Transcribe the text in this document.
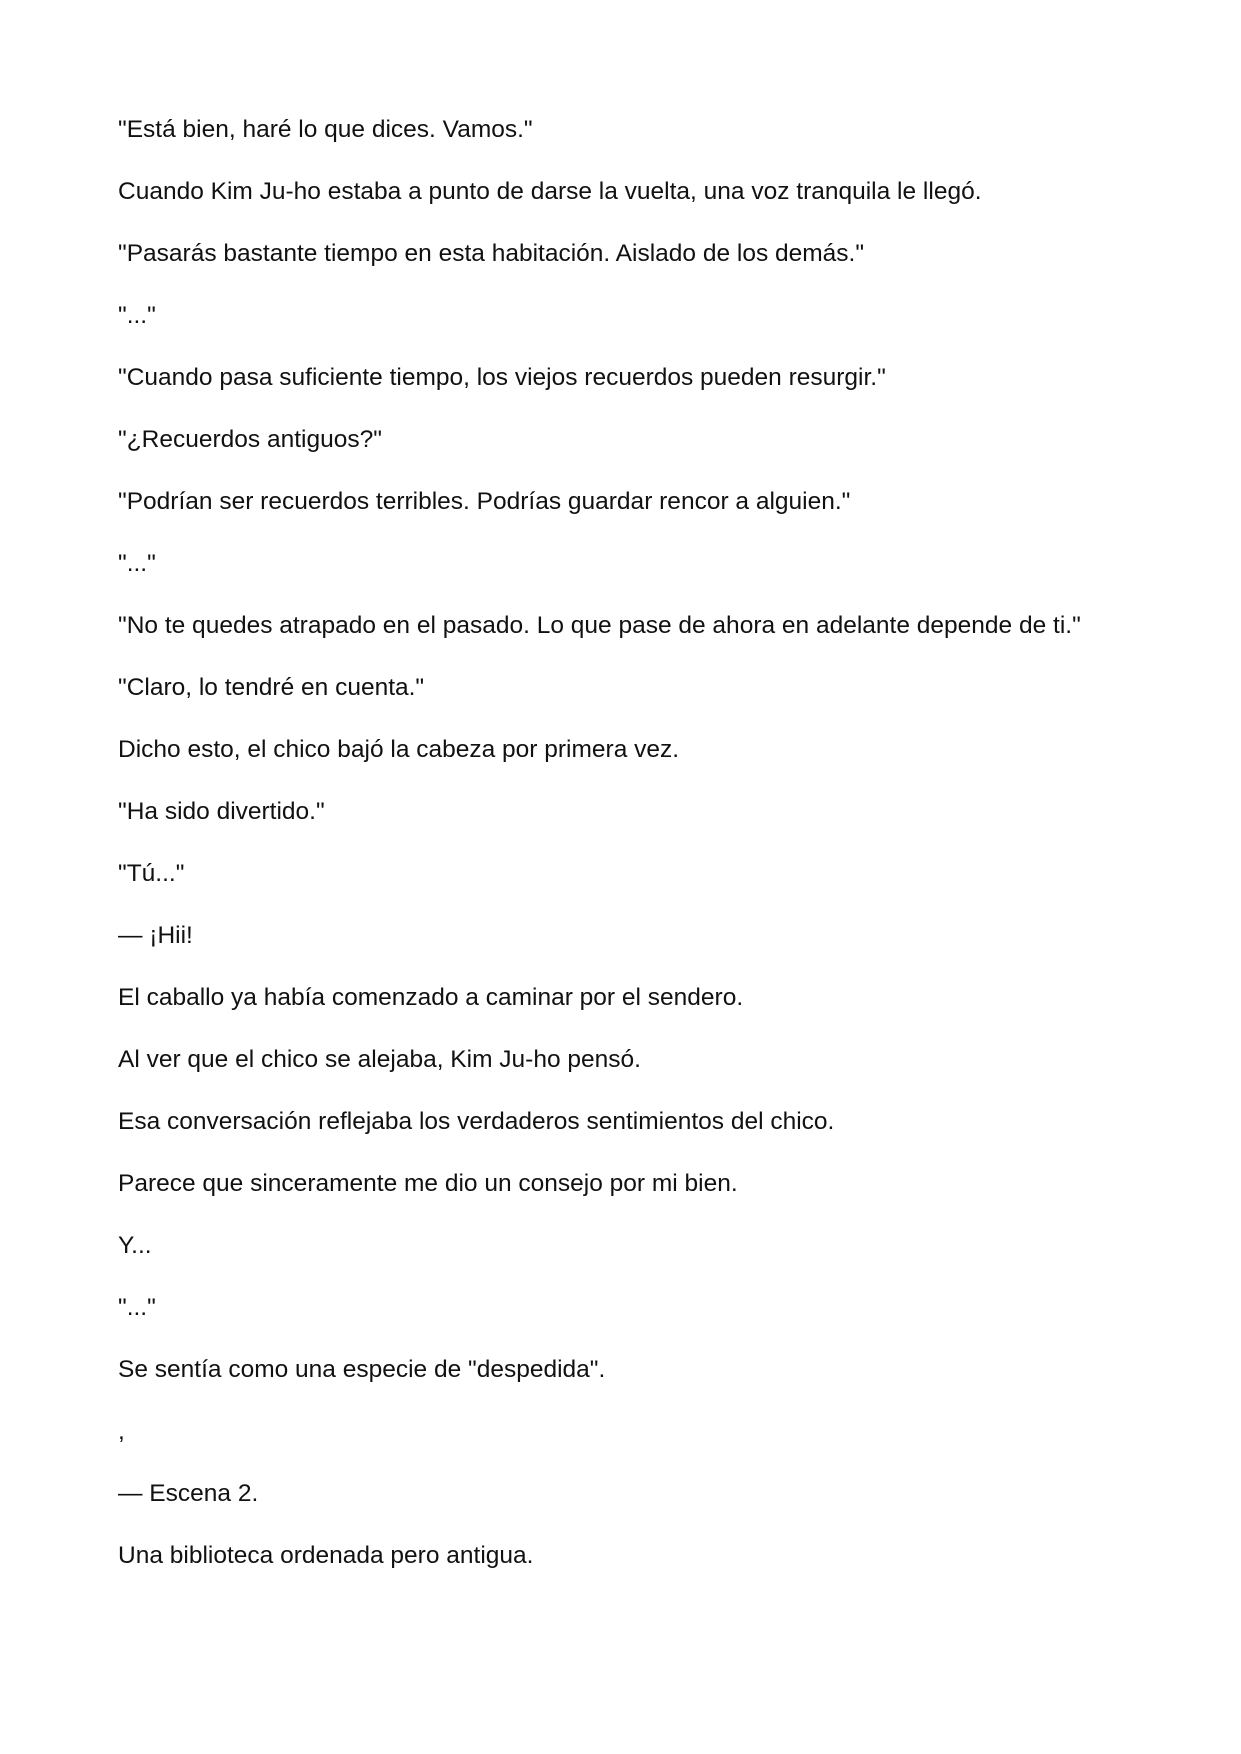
"Está bien, haré lo que dices. Vamos."

Cuando Kim Ju-ho estaba a punto de darse la vuelta, una voz tranquila le llegó.

"Pasarás bastante tiempo en esta habitación. Aislado de los demás."

"..."

"Cuando pasa suficiente tiempo, los viejos recuerdos pueden resurgir."

"¿Recuerdos antiguos?"

"Podrían ser recuerdos terribles. Podrías guardar rencor a alguien."

"..."

"No te quedes atrapado en el pasado. Lo que pase de ahora en adelante depende de ti."

"Claro, lo tendré en cuenta."

Dicho esto, el chico bajó la cabeza por primera vez.

"Ha sido divertido."

"Tú..."

— ¡Hii!

El caballo ya había comenzado a caminar por el sendero.

Al ver que el chico se alejaba, Kim Ju-ho pensó.

Esa conversación reflejaba los verdaderos sentimientos del chico.

Parece que sinceramente me dio un consejo por mi bien.

Y...

"..."

Se sentía como una especie de "despedida".

,

— Escena 2.

Una biblioteca ordenada pero antigua.
